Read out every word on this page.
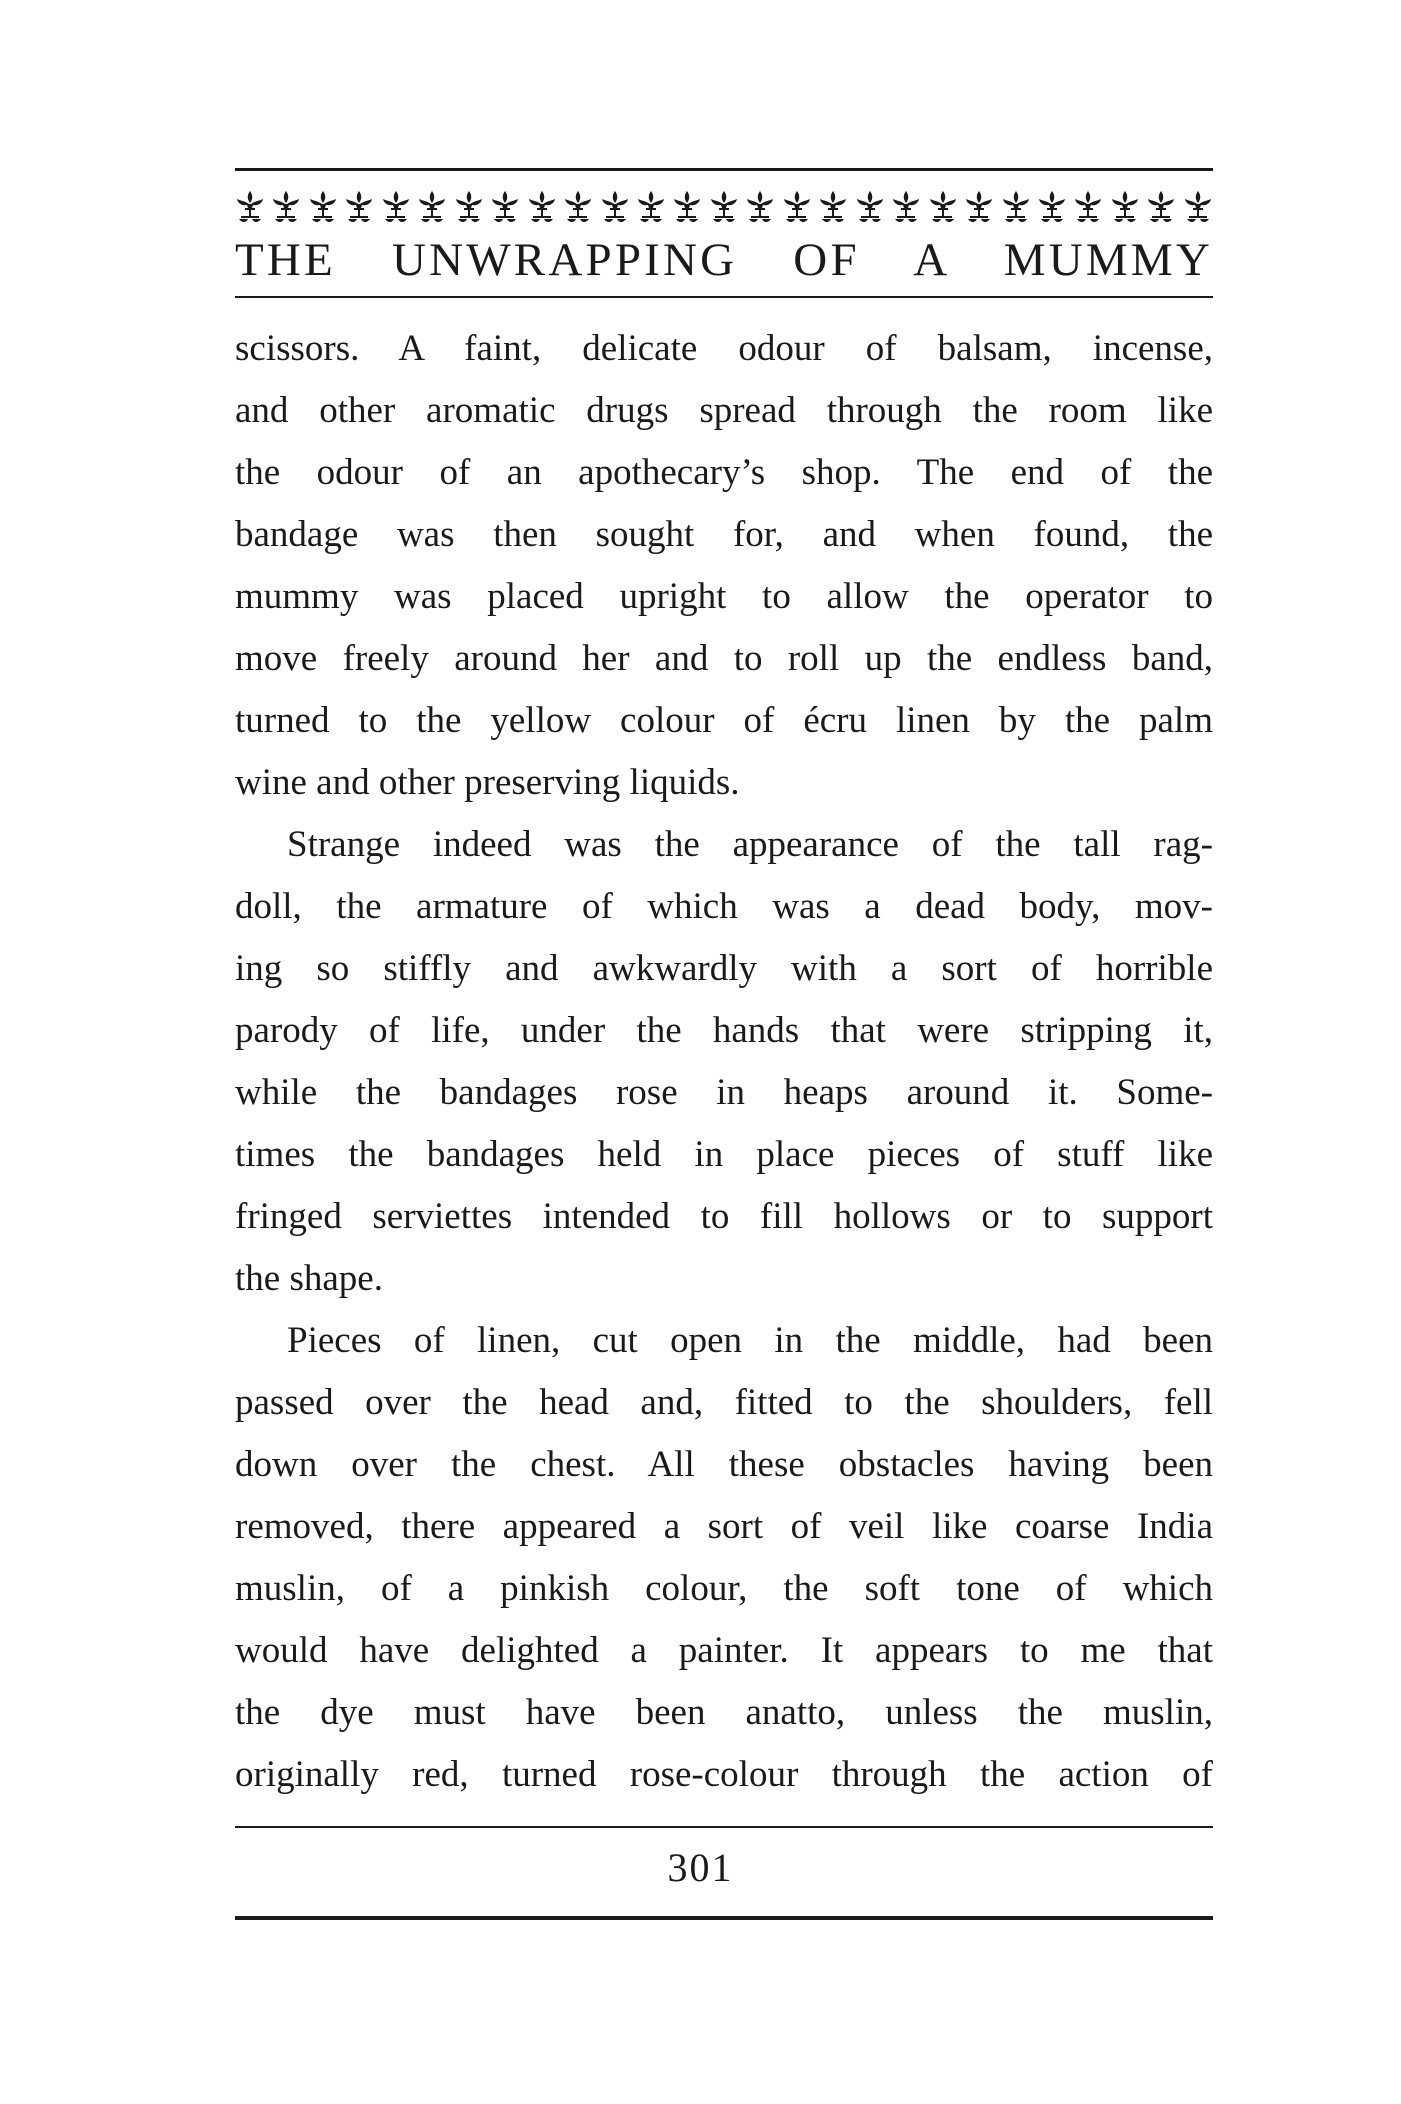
THE UNWRAPPING OF A MUMMY
scissors. A faint, delicate odour of balsam, incense,
and other aromatic drugs spread through the room like
the odour of an apothecary’s shop. The end of the
bandage was then sought for, and when found, the
mummy was placed upright to allow the operator to
move freely around her and to roll up the endless band,
turned to the yellow colour of écru linen by the palm
wine and other preserving liquids.
Strange indeed was the appearance of the tall rag-
doll, the armature of which was a dead body, mov-
ing so stiffly and awkwardly with a sort of horrible
parody of life, under the hands that were stripping it,
while the bandages rose in heaps around it. Some-
times the bandages held in place pieces of stuff like
fringed serviettes intended to fill hollows or to support
the shape.
Pieces of linen, cut open in the middle, had been
passed over the head and, fitted to the shoulders, fell
down over the chest. All these obstacles having been
removed, there appeared a sort of veil like coarse India
muslin, of a pinkish colour, the soft tone of which
would have delighted a painter. It appears to me that
the dye must have been anatto, unless the muslin,
originally red, turned rose-colour through the action of
301
